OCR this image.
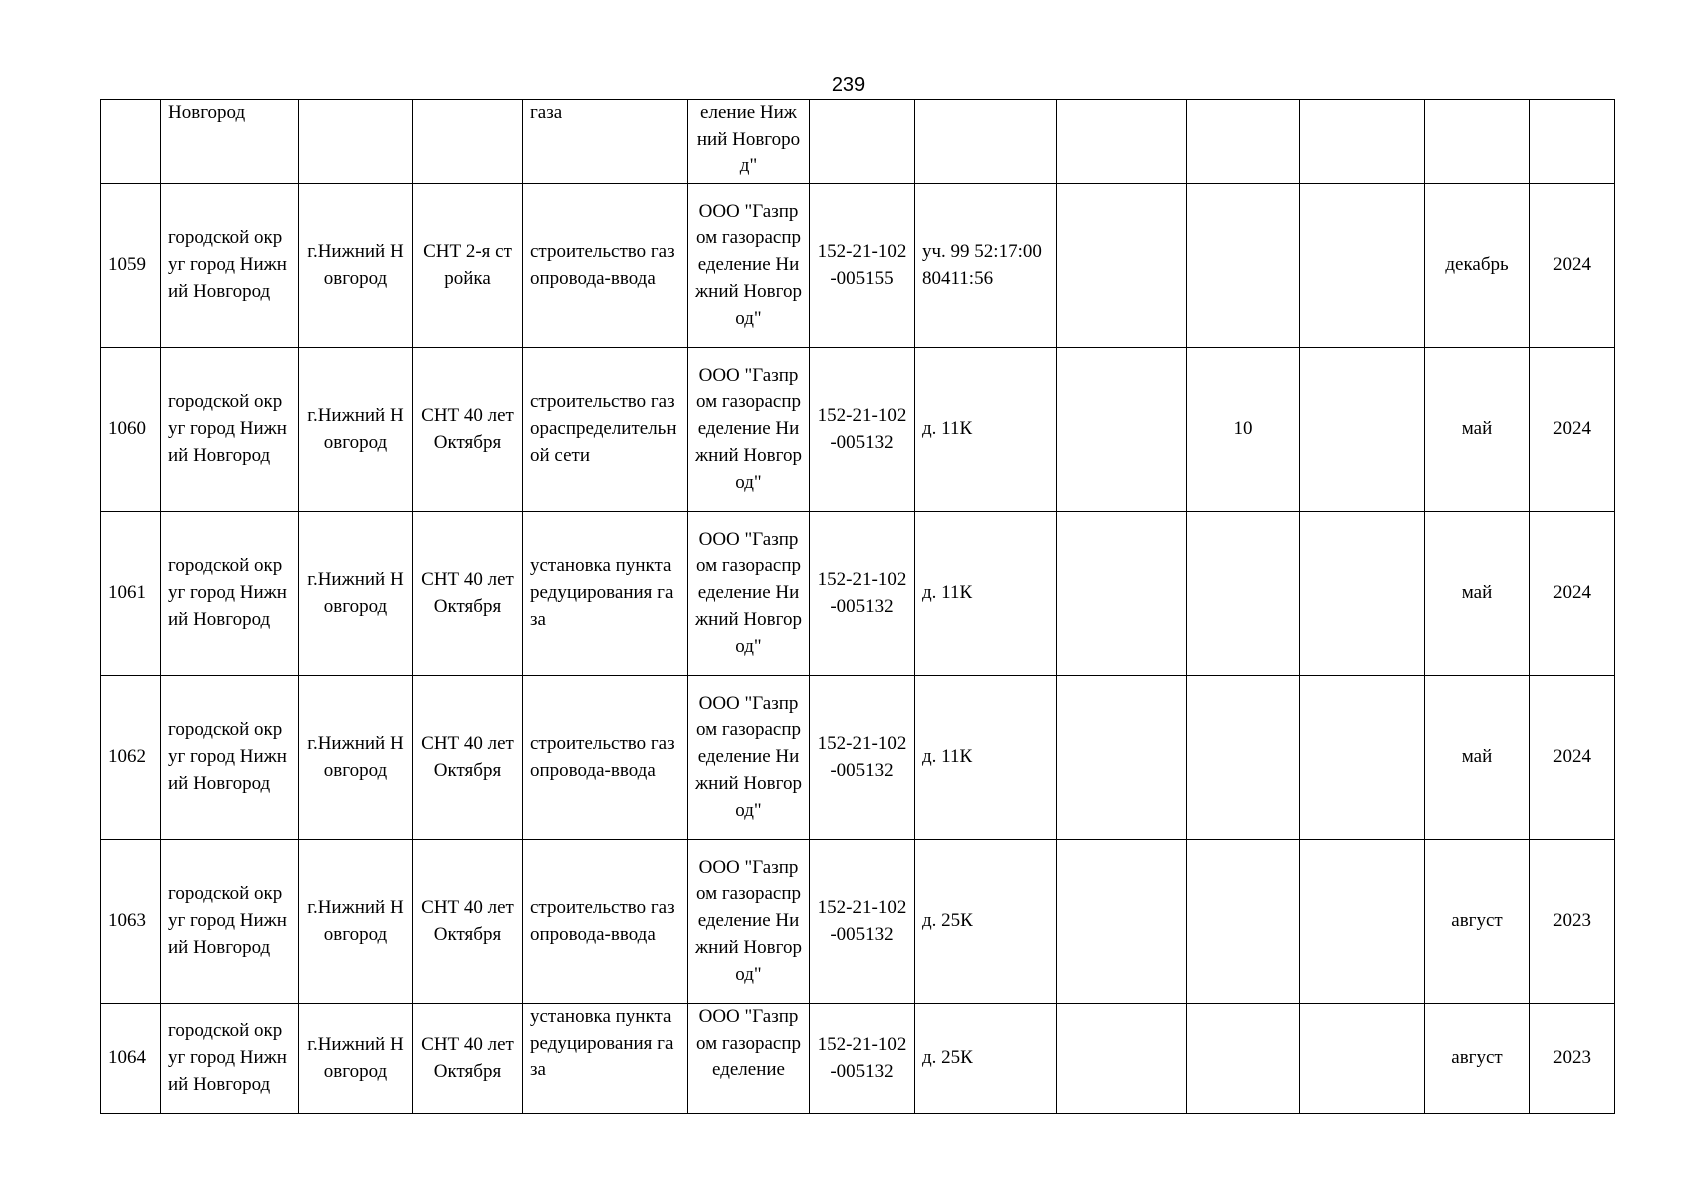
239
	Новгород			газа	еление Нижний Новгород"							
1059	городской округ город Нижний Новгород	г.Нижний Новгород	СНТ 2-я стройка	строительство газопровода-ввода	ООО "Газпром газораспределение Нижний Новгород"	152-21-102-005155	уч. 99 52:17:0080411:56				декабрь	2024
1060	городской округ город Нижний Новгород	г.Нижний Новгород	СНТ 40 лет Октября	строительство газораспределительной сети	ООО "Газпром газораспределение Нижний Новгород"	152-21-102-005132	д. 11К		10		май	2024
1061	городской округ город Нижний Новгород	г.Нижний Новгород	СНТ 40 лет Октября	установка пункта редуцирования газа	ООО "Газпром газораспределение Нижний Новгород"	152-21-102-005132	д. 11К				май	2024
1062	городской округ город Нижний Новгород	г.Нижний Новгород	СНТ 40 лет Октября	строительство газопровода-ввода	ООО "Газпром газораспределение Нижний Новгород"	152-21-102-005132	д. 11К				май	2024
1063	городской округ город Нижний Новгород	г.Нижний Новгород	СНТ 40 лет Октября	строительство газопровода-ввода	ООО "Газпром газораспределение Нижний Новгород"	152-21-102-005132	д. 25К				август	2023
1064	городской округ город Нижний Новгород	г.Нижний Новгород	СНТ 40 лет Октября	установка пункта редуцирования газа	ООО "Газпром газораспределение	152-21-102-005132	д. 25К				август	2023
